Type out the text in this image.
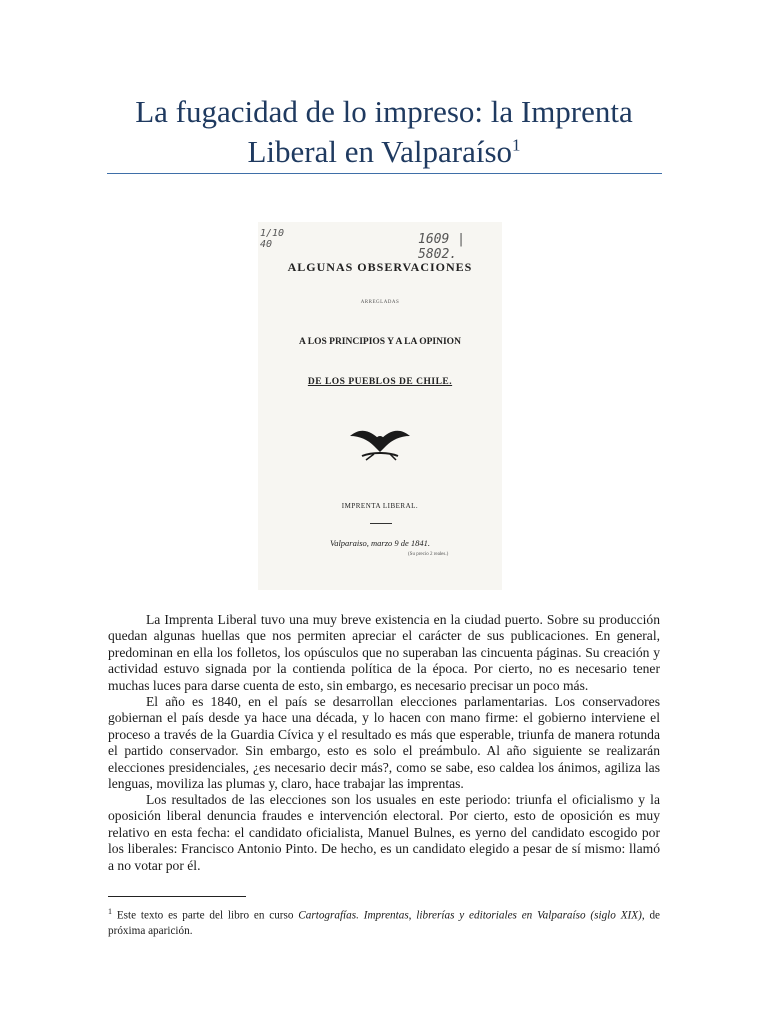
La fugacidad de lo impreso: la Imprenta
Liberal en Valparaíso$^1$
1/10
40	1609 | 5802.
ALGUNAS OBSERVACIONES
ARREGLADAS
A LOS PRINCIPIOS Y A LA OPINION
DE LOS PUEBLOS DE CHILE.
IMPRENTA LIBERAL.
Valparaiso, marzo 9 de 1841.
(Su precio 2 reales.)
La Imprenta Liberal tuvo una muy breve existencia en la ciudad puerto. Sobre su producción quedan algunas huellas que nos permiten apreciar el carácter de sus publicaciones. En general, predominan en ella los folletos, los opúsculos que no superaban las cincuenta páginas. Su creación y actividad estuvo signada por la contienda política de la época. Por cierto, no es necesario tener muchas luces para darse cuenta de esto, sin embargo, es necesario precisar un poco más.
El año es 1840, en el país se desarrollan elecciones parlamentarias. Los conservadores gobiernan el país desde ya hace una década, y lo hacen con mano firme: el gobierno interviene el proceso a través de la Guardia Cívica y el resultado es más que esperable, triunfa de manera rotunda el partido conservador. Sin embargo, esto es solo el preámbulo. Al año siguiente se realizarán elecciones presidenciales, ¿es necesario decir más?, como se sabe, eso caldea los ánimos, agiliza las lenguas, moviliza las plumas y, claro, hace trabajar las imprentas.
Los resultados de las elecciones son los usuales en este periodo: triunfa el oficialismo y la oposición liberal denuncia fraudes e intervención electoral. Por cierto, esto de oposición es muy relativo en esta fecha: el candidato oficialista, Manuel Bulnes, es yerno del candidato escogido por los liberales: Francisco Antonio Pinto. De hecho, es un candidato elegido a pesar de sí mismo: llamó a no votar por él.
$^1$ Este texto es parte del libro en curso Cartografías. Imprentas, librerías y editoriales en Valparaíso (siglo XIX), de próxima aparición.
